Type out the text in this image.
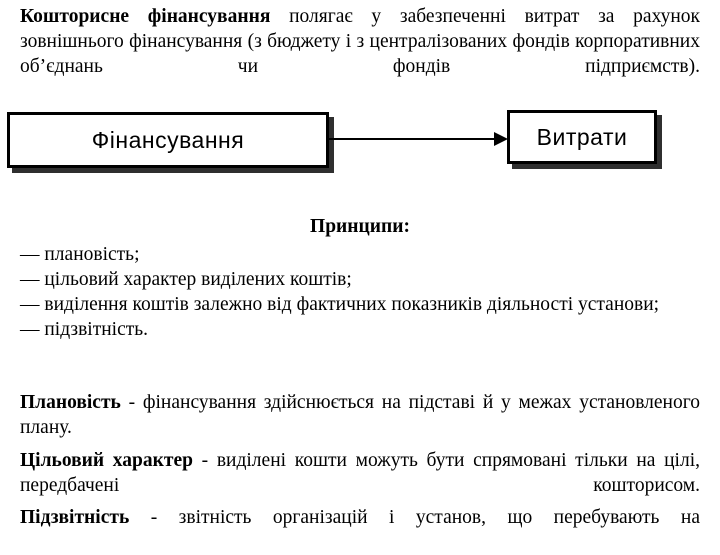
Кошторисне фінансування полягає у забезпеченні витрат за рахунок зовнішнього фінансування (з бюджету і з централізованих фондів корпоративних об’єднань чи фондів підприємств).

Фінансування	Витрати
Принципи:
— плановість;
— цільовий характер виділених коштів;
— виділення коштів залежно від фактичних показників діяльності установи;
— підзвітність.
Плановість - фінансування здійснюється на підставі й у межах установленого плану.
Цільовий характер - виділені кошти можуть бути спрямовані тільки на цілі, передбачені кошторисом.
Підзвітність - звітність організацій і установ, що перебувають на
